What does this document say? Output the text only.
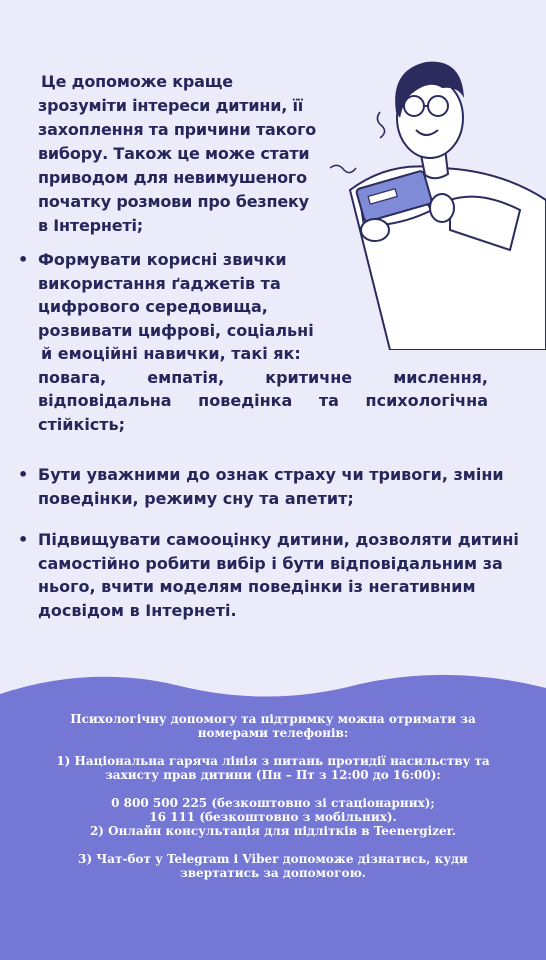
Це допоможе краще
зрозуміти інтереси дитини, її
захоплення та причини такого
вибору. Також це може стати
приводом для невимушеного
початку розмови про безпеку
в Інтернеті;
• Формувати корисні звички
використання ґаджетів та
цифрового середовища,
розвивати цифрові, соціальні
й емоційні навички, такі як:
повага, емпатія, критичне мислення,
відповідальна поведінка та психологічна
стійкість;
• Бути уважними до ознак страху чи тривоги, зміни поведінки, режиму сну та апетит;
• Підвищувати самооцінку дитини, дозволяти дитині самостійно робити вибір і бути відповідальним за нього, вчити моделям поведінки із негативним досвідом в Інтернеті.

Психологічну допомогу та підтримку можна отримати за номерами телефонів:

1) Національна гаряча лінія з питань протидії насильству та захисту прав дитини (Пн – Пт з 12:00 до 16:00):

0 800 500 225 (безкоштовно зі стаціонарних);

16 111 (безкоштовно з мобільних).

2) Онлайн консультація для підлітків в Teenergizer.

3) Чат-бот у Telegram і Viber допоможе дізнатись, куди звертатись за допомогою.
